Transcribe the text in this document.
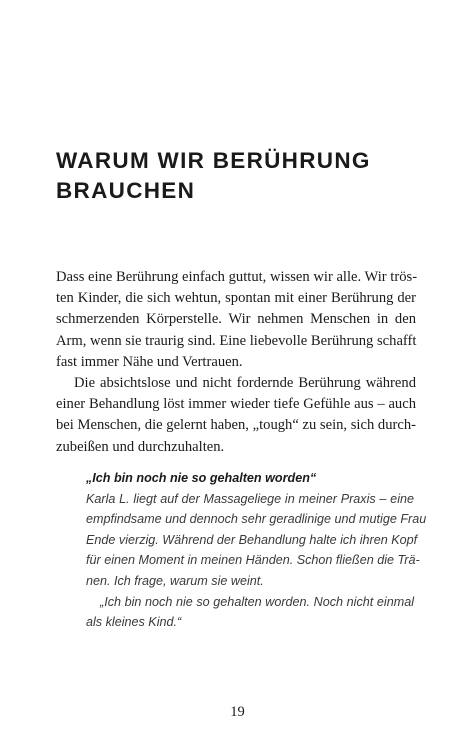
WARUM WIR BERÜHRUNG
BRAUCHEN
Dass eine Berührung einfach guttut, wissen wir alle. Wir trös-
ten Kinder, die sich wehtun, spontan mit einer Berührung der
schmerzenden Körperstelle. Wir nehmen Menschen in den
Arm, wenn sie traurig sind. Eine liebevolle Berührung schafft
fast immer Nähe und Vertrauen.
Die absichtslose und nicht fordernde Berührung während
einer Behandlung löst immer wieder tiefe Gefühle aus – auch
bei Menschen, die gelernt haben, „tough“ zu sein, sich durch-
zubeißen und durchzuhalten.
„Ich bin noch nie so gehalten worden“
Karla L. liegt auf der Massageliege in meiner Praxis – eine
empfindsame und dennoch sehr geradlinige und mutige Frau
Ende vierzig. Während der Behandlung halte ich ihren Kopf
für einen Moment in meinen Händen. Schon fließen die Trä-
nen. Ich frage, warum sie weint.
„Ich bin noch nie so gehalten worden. Noch nicht einmal
als kleines Kind.“
19
